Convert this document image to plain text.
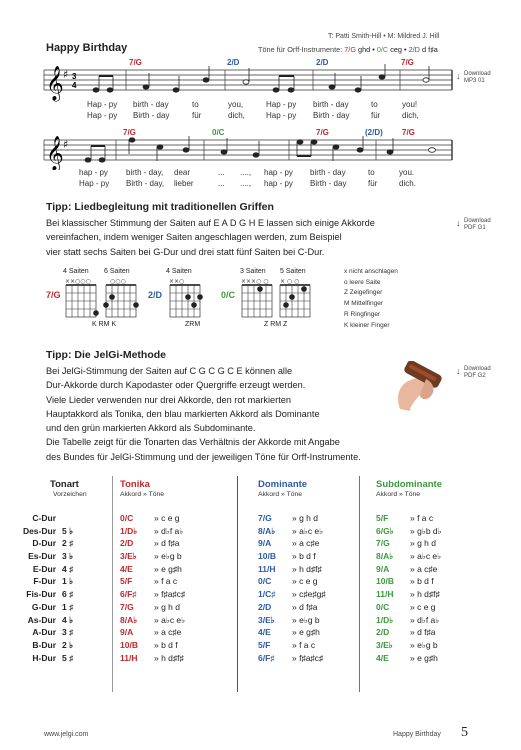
T: Patti Smith-Hill • M: Mildred J. Hill
Happy Birthday	Töne für Orff-Instrumente: 7/G ghd • 0/C ceg • 2/D d f♯a
↓ Download
MP3 01
𝄞 ♯ 3
4
7/G	2/D	2/D	7/G
Hap - py birth - day	to	you,	Hap - py birth - day	to	you!
Hap - py Birth - day	für	dich,	Hap - py Birth - day	für	dich,
𝄞 ♯
7/G	0/C	7/G	(2/D) 7/G
hap - py birth - day, dear	... ...., hap - py birth - day	to	you.
Hap - py Birth - day, lieber	... ...., hap - py Birth - day	für	dich.
Tipp: Liedbegleitung mit traditionellen Griffen
Bei klassischer Stimmung der Saiten auf E A D G H E lassen sich einige Akkorde
vereinfachen, indem weniger Saiten angeschlagen werden, zum Beispiel
vier statt sechs Saiten bei G-Dur und drei statt fünf Saiten bei C-Dur.
↓ Download
PDF G1
7/G
4 Saiten 6 Saiten
2/D
4 Saiten
0/C
3 Saiten 5 Saiten
××○○○	○○○	××○	×××○ ○ × ○ ○
K RM K	ZRM	Z RM Z
x nicht anschlagen
o leere Saite
Z Zeigefinger
M Mittelfinger
R Ringfinger
K kleiner Finger
Tipp: Die JelGi-Methode
Bei JelGi-Stimmung der Saiten auf C G C G C E können alle
Dur-Akkorde durch Kapodaster oder Quergriffe erzeugt werden.
Viele Lieder verwenden nur drei Akkorde, den rot markierten
Hauptakkord als Tonika, den blau markierten Akkord als Dominante
und den grün markierten Akkord als Subdominante.
Die Tabelle zeigt für die Tonarten das Verhältnis der Akkorde mit Angabe
des Bundes für JelGi-Stimmung und der jeweiligen Töne für Orff-Instrumente.
↓ Download
PDF G2
Tonart
Vorzeichen
Tonika
Akkord » Töne
Dominante
Akkord » Töne
Subdominante
Akkord » Töne
C-Dur	0/C » c e g	7/G » g h d	5/F	» f a c
Des-Dur 5 ♭	1/D♭ » d♭f a♭	8/A♭ » a♭c e♭	6/G♭ » g♭b d♭
D-Dur 2 ♯	2/D » d f♯a	9/A » a c♯e	7/G » g h d
Es-Dur 3 ♭	3/E♭ » e♭g b	10/B » b d f	8/A♭ » a♭c e♭
E-Dur 4 ♯	4/E » e g♯h	11/H » h d♯f♯	9/A » a c♯e
F-Dur 1 ♭	5/F	» f a c	0/C » c e g	10/B » b d f
Fis-Dur 6 ♯	6/F♯ » f♯a♯c♯	1/C♯ » c♯e♯g♯	11/H » h d♯f♯
G-Dur 1 ♯	7/G » g h d	2/D » d f♯a	0/C » c e g
As-Dur 4 ♭	8/A♭ » a♭c e♭	3/E♭ » e♭g b	1/D♭ » d♭f a♭
A-Dur 3 ♯	9/A » a c♯e	4/E » e g♯h	2/D » d f♯a
B-Dur 2 ♭	10/B » b d f	5/F	» f a c	3/E♭ » e♭g b
H-Dur 5 ♯	11/H » h d♯f♯	6/F♯ » f♯a♯c♯	4/E » e g♯h
www.jelgi.com	Happy Birthday 5
